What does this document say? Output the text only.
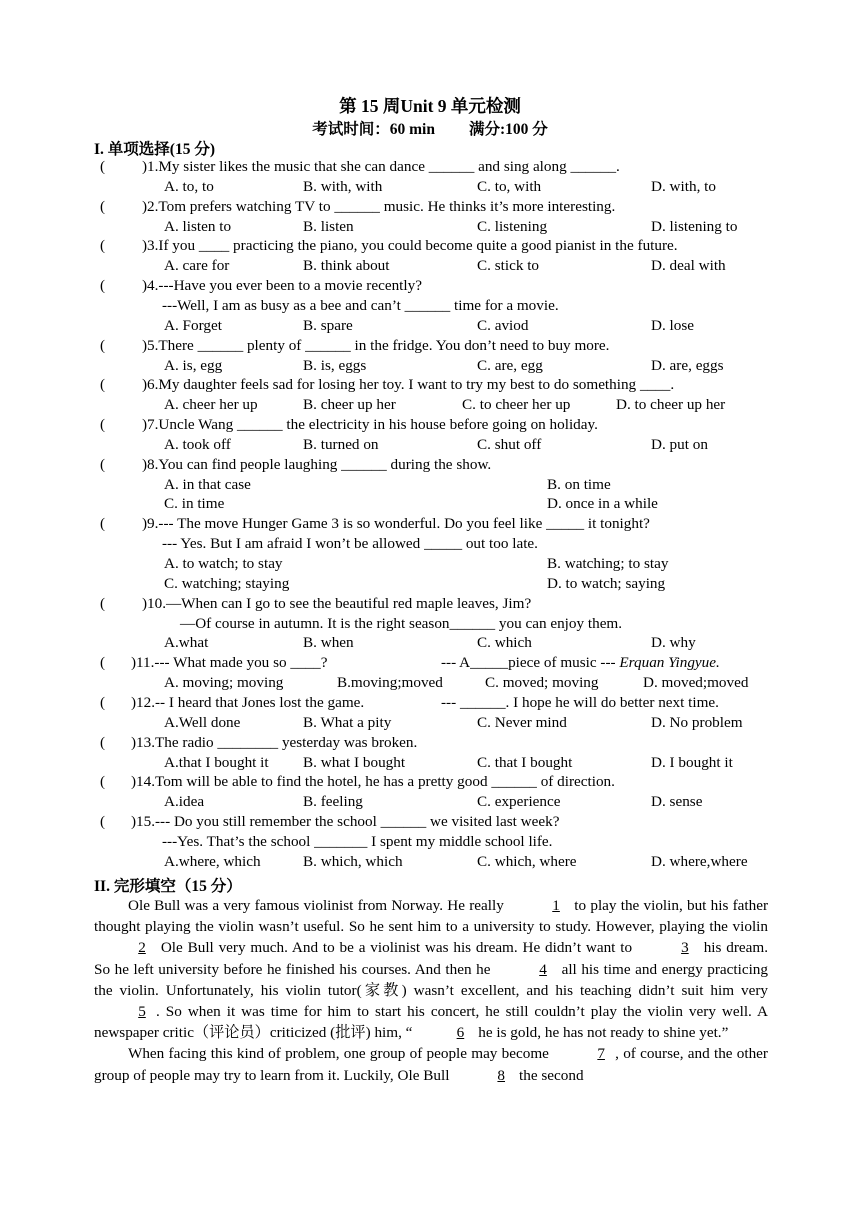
第 15 周Unit 9 单元检测
考试时间：60 min 满分:100 分
I. 单项选择(15 分)
( ) 1.My sister likes the music that she can dance ______ and sing along ______.
A. to, to	B. with, with	C. to, with	D. with, to
( ) 2.Tom prefers watching TV to ______ music. He thinks it’s more interesting.
A. listen to	B. listen	C. listening	D. listening to
( ) 3.If you ____ practicing the piano, you could become quite a good pianist in the future.
A. care for	B. think about	C. stick to	D. deal with
( ) 4.---Have you ever been to a movie recently?
---Well, I am as busy as a bee and can’t ______ time for a movie.
A. Forget	B. spare	C. aviod	D. lose
( ) 5.There ______ plenty of ______ in the fridge. You don’t need to buy more.
A. is, egg	B. is, eggs	C. are, egg	D. are, eggs
( ) 6.My daughter feels sad for losing her toy. I want to try my best to do something ____.
A. cheer her up	B. cheer up her	C. to cheer her up	D. to cheer up her
( ) 7.Uncle Wang ______ the electricity in his house before going on holiday.
A. took off	B. turned on	C. shut off	D. put on
( ) 8.You can find people laughing ______ during the show.
A. in that case	B. on time
C. in time	D. once in a while
( ) 9.--- The move Hunger Game 3 is so wonderful. Do you feel like _____ it tonight?
--- Yes. But I am afraid I won’t be allowed _____ out too late.
A. to watch; to stay	B. watching; to stay
C. watching; staying	D. to watch; saying
( ) 10.—When can I go to see the beautiful red maple leaves, Jim?
—Of course in autumn. It is the right season______ you can enjoy them.
A.what	B. when	C. which	D. why
( ) 11.--- What made you so ____?	--- A_____piece of music --- Erquan Yingyue.
A. moving; moving	B.moving;moved	C. moved; moving	D. moved;moved
( ) 12.-- I heard that Jones lost the game.	--- ______. I hope he will do better next time.
A.Well done	B. What a pity	C. Never mind	D. No problem
( ) 13.The radio ________ yesterday was broken.
A.that I bought it B. what I bought	C. that I bought	D. I bought it
( ) 14.Tom will be able to find the hotel, he has a pretty good ______ of direction.
A.idea	B. feeling	C. experience	D. sense
( ) 15.--- Do you still remember the school ______ we visited last week?
---Yes. That’s the school _______ I spent my middle school life.
A.where, which	B. which, which	C. which, where	D. where,where
II. 完形填空（15 分）

Ole Bull was a very famous violinist from Norway. He really	1 to play the violin, but his father thought playing the violin wasn’t useful. So he sent him to a university to study. However, playing the violin 2 Ole Bull very much. And to be a violinist was his dream. He didn’t want to	3 his dream. So he left university before he finished his courses. And then he	4 all his time and energy practicing the violin. Unfortunately, his violin tutor(家教) wasn’t excellent, and his teaching didn’t suit him very 5 . So when it was time for him to start his concert, he still couldn’t play the violin very well. A newspaper critic（评论员）criticized (批评) him, “	6 he is gold, he has not ready to shine yet.”

When facing this kind of problem, one group of people may become	7 , of course, and the other group of people may try to learn from it. Luckily, Ole Bull	8 the second
